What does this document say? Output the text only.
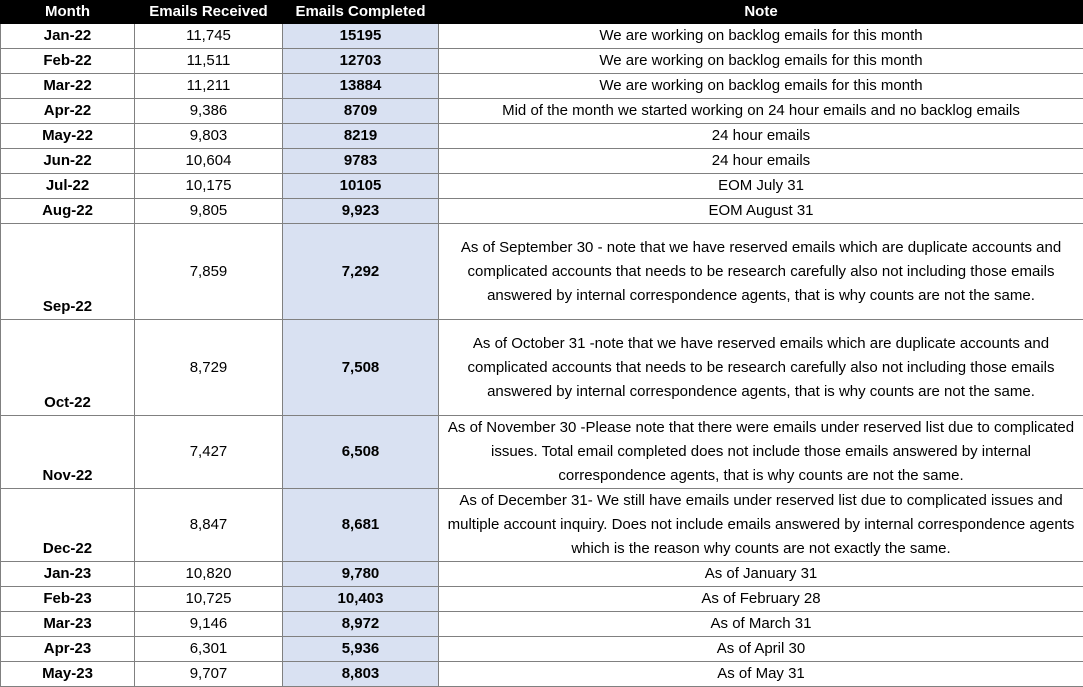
Month	Emails Received	Emails Completed	Note
Jan-22	11,745	15195	We are working on backlog emails for this month
Feb-22	11,511	12703	We are working on backlog emails for this month
Mar-22	11,211	13884	We are working on backlog emails for this month
Apr-22	9,386	8709	Mid of the month we started working on 24 hour emails and no backlog emails
May-22	9,803	8219	24 hour emails
Jun-22	10,604	9783	24 hour emails
Jul-22	10,175	10105	EOM July 31
Aug-22	9,805	9,923	EOM August 31
Sep-22	7,859	7,292	As of September 30 - note that we have reserved emails which are duplicate accounts and complicated accounts that needs to be research carefully also not including those emails answered by internal correspondence agents, that is why counts are not the same.
Oct-22	8,729	7,508	As of October 31 -note that we have reserved emails which are duplicate accounts and complicated accounts that needs to be research carefully also not including those emails answered by internal correspondence agents, that is why counts are not the same.
Nov-22	7,427	6,508	As of November 30 -Please note that there were emails under reserved list due to complicated issues. Total email completed does not include those emails answered by internal correspondence agents, that is why counts are not the same.
Dec-22	8,847	8,681	As of December 31- We still have emails under reserved list due to complicated issues and multiple account inquiry. Does not include emails answered by internal correspondence agents which is the reason why counts are not exactly the same.
Jan-23	10,820	9,780	As of January 31
Feb-23	10,725	10,403	As of February 28
Mar-23	9,146	8,972	As of March 31
Apr-23	6,301	5,936	As of April 30
May-23	9,707	8,803	As of May 31
